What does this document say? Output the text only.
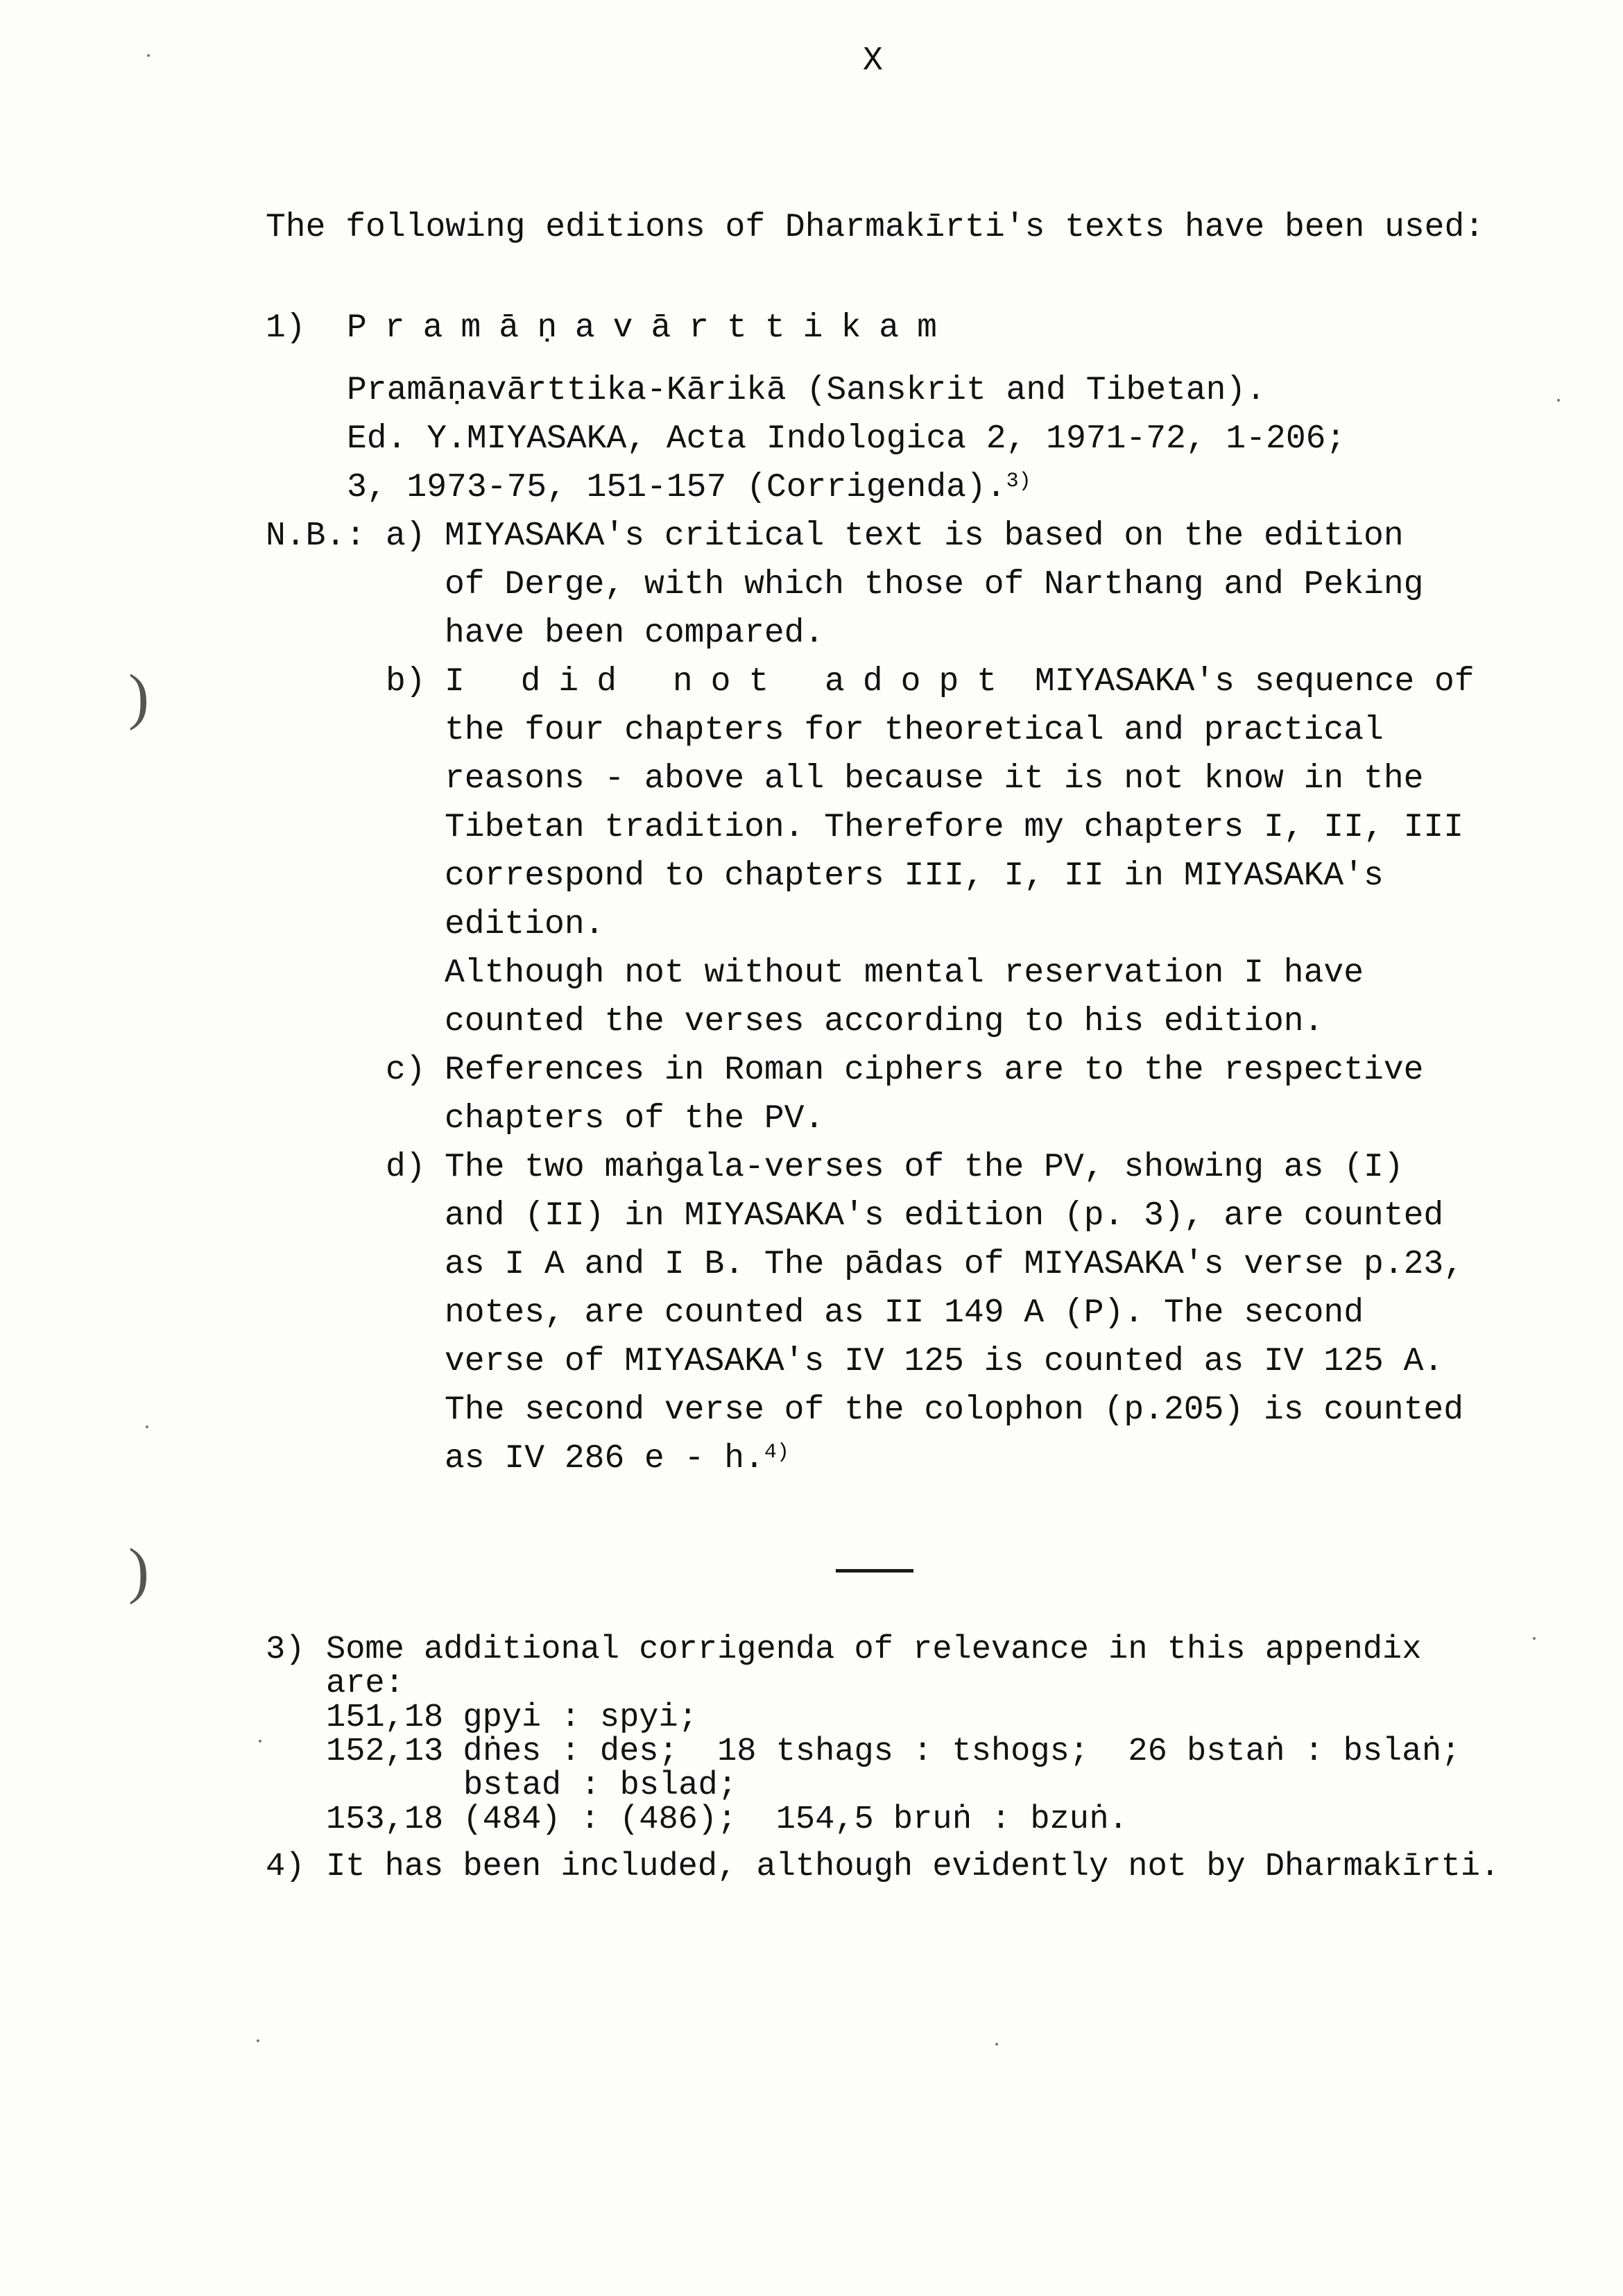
X
The following editions of Dharmakīrti's texts have been used:
1) Pramāṇavārttikam
Pramāṇavārttika-Kārikā (Sanskrit and Tibetan).
Ed. Y.MIYASAKA, Acta Indologica 2, 1971-72, 1-206;
3, 1973-75, 151-157 (Corrigenda).$^{3)}$
N.B.: a) MIYASAKA's critical text is based on the edition
of Derge, with which those of Narthang and Peking
have been compared.
b) I did not adopt MIYASAKA's sequence of
the four chapters for theoretical and practical
reasons - above all because it is not know in the
Tibetan tradition. Therefore my chapters I, II, III
correspond to chapters III, I, II in MIYASAKA's
edition.
Although not without mental reservation I have
counted the verses according to his edition.
c) References in Roman ciphers are to the respective
chapters of the PV.
d) The two maṅgala-verses of the PV, showing as (I)
and (II) in MIYASAKA's edition (p. 3), are counted
as I A and I B. The pādas of MIYASAKA's verse p.23,
notes, are counted as II 149 A (P). The second
verse of MIYASAKA's IV 125 is counted as IV 125 A.
The second verse of the colophon (p.205) is counted
as IV 286 e - h.$^{4)}$
3) Some additional corrigenda of relevance in this appendix
are:
151,18 gpyi : spyi;
152,13 dṅes : des;  18 tshags : tshogs;  26 bstaṅ : bslaṅ;
bstad : bslad;
153,18 (484) : (486);  154,5 bruṅ : bzuṅ.
4) It has been included, although evidently not by Dharmakīrti.
)
)
